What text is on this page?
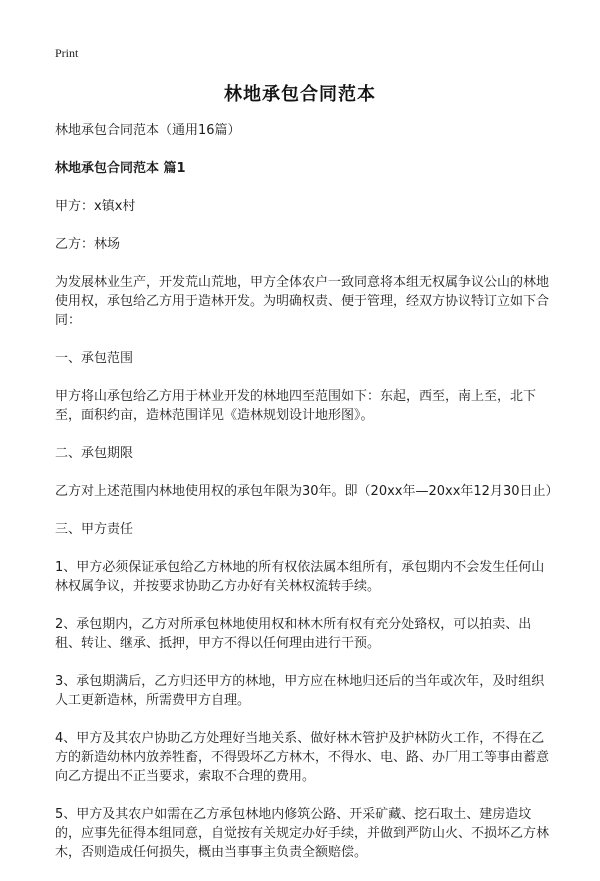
Print
林地承包合同范本

林地承包合同范本（通用16篇）

林地承包合同范本 篇1

甲方：x镇x村

乙方：林场

为发展林业生产，开发荒山荒地，甲方全体农户一致同意将本组无权属争议公山的林地使用权，承包给乙方用于造林开发。为明确权责、便于管理，经双方协议特订立如下合同：

一、承包范围

甲方将山承包给乙方用于林业开发的林地四至范围如下：东起，西至，南上至，北下至，面积约亩，造林范围详见《造林规划设计地形图》。

二、承包期限

乙方对上述范围内林地使用权的承包年限为30年。即（20xx年—20xx年12月30日止）

三、甲方责任

1、甲方必须保证承包给乙方林地的所有权依法属本组所有，承包期内不会发生任何山林权属争议，并按要求协助乙方办好有关林权流转手续。

2、承包期内，乙方对所承包林地使用权和林木所有权有充分处臵权，可以拍卖、出租、转让、继承、抵押，甲方不得以任何理由进行干预。

3、承包期满后，乙方归还甲方的林地，甲方应在林地归还后的当年或次年，及时组织人工更新造林，所需费甲方自理。

4、甲方及其农户协助乙方处理好当地关系、做好林木管护及护林防火工作，不得在乙方的新造幼林内放养牲畜，不得毁坏乙方林木，不得水、电、路、办厂用工等事由蓄意向乙方提出不正当要求，索取不合理的费用。

5、甲方及其农户如需在乙方承包林地内修筑公路、开采矿藏、挖石取土、建房造坟的，应事先征得本组同意，自觉按有关规定办好手续，并做到严防山火、不损坏乙方林木，否则造成任何损失，概由当事事主负责全额赔偿。
